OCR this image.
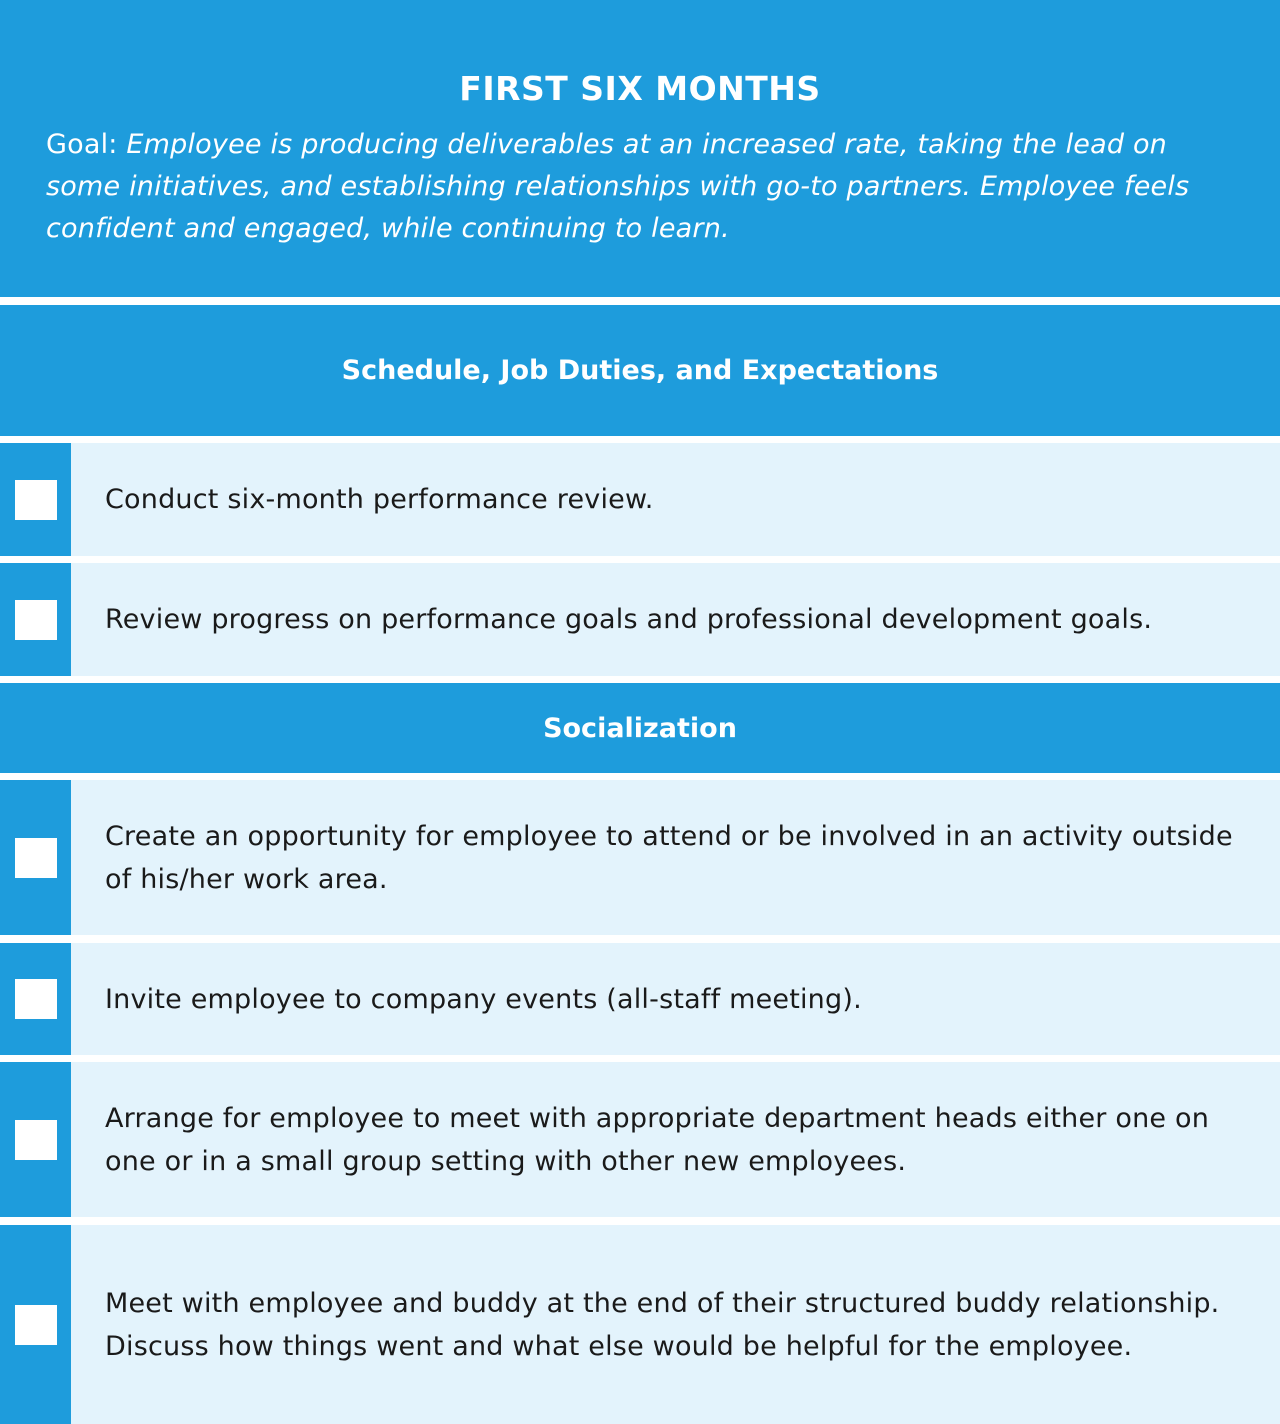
FIRST SIX MONTHS
Goal: Employee is producing deliverables at an increased rate, taking the lead on some initiatives, and establishing relationships with go-to partners. Employee feels confident and engaged, while continuing to learn.
Schedule, Job Duties, and Expectations
Conduct six-month performance review.
Review progress on performance goals and professional development goals.
Socialization
Create an opportunity for employee to attend or be involved in an activity outside of his/her work area.
Invite employee to company events (all-staff meeting).
Arrange for employee to meet with appropriate department heads either one on one or in a small group setting with other new employees.
Meet with employee and buddy at the end of their structured buddy relationship. Discuss how things went and what else would be helpful for the employee.
